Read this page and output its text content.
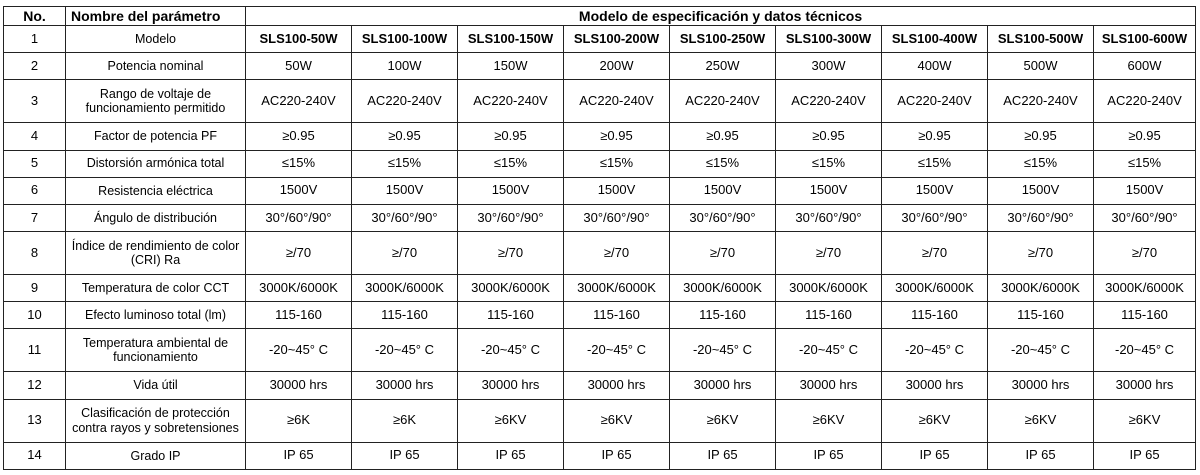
No.	Nombre del parámetro	Modelo de especificación y datos técnicos								
1	Modelo	SLS100-50W	SLS100-100W	SLS100-150W	SLS100-200W	SLS100-250W	SLS100-300W	SLS100-400W	SLS100-500W	SLS100-600W
2	Potencia nominal	50W	100W	150W	200W	250W	300W	400W	500W	600W
3	Rango de voltaje de funcionamiento permitido	AC220-240V	AC220-240V	AC220-240V	AC220-240V	AC220-240V	AC220-240V	AC220-240V	AC220-240V	AC220-240V
4	Factor de potencia PF	≥0.95	≥0.95	≥0.95	≥0.95	≥0.95	≥0.95	≥0.95	≥0.95	≥0.95
5	Distorsión armónica total	≤15%	≤15%	≤15%	≤15%	≤15%	≤15%	≤15%	≤15%	≤15%
6	Resistencia eléctrica	1500V	1500V	1500V	1500V	1500V	1500V	1500V	1500V	1500V
7	Ángulo de distribución	30°/60°/90°	30°/60°/90°	30°/60°/90°	30°/60°/90°	30°/60°/90°	30°/60°/90°	30°/60°/90°	30°/60°/90°	30°/60°/90°
8	Índice de rendimiento de color (CRI) Ra	≥/70	≥/70	≥/70	≥/70	≥/70	≥/70	≥/70	≥/70	≥/70
9	Temperatura de color CCT	3000K/6000K	3000K/6000K	3000K/6000K	3000K/6000K	3000K/6000K	3000K/6000K	3000K/6000K	3000K/6000K	3000K/6000K
10	Efecto luminoso total (lm)	115-160	115-160	115-160	115-160	115-160	115-160	115-160	115-160	115-160
11	Temperatura ambiental de funcionamiento	-20~45° C	-20~45° C	-20~45° C	-20~45° C	-20~45° C	-20~45° C	-20~45° C	-20~45° C	-20~45° C
12	Vida útil	30000 hrs	30000 hrs	30000 hrs	30000 hrs	30000 hrs	30000 hrs	30000 hrs	30000 hrs	30000 hrs
13	Clasificación de protección contra rayos y sobretensiones	≥6K	≥6K	≥6KV	≥6KV	≥6KV	≥6KV	≥6KV	≥6KV	≥6KV
14	Grado IP	IP 65	IP 65	IP 65	IP 65	IP 65	IP 65	IP 65	IP 65	IP 65
